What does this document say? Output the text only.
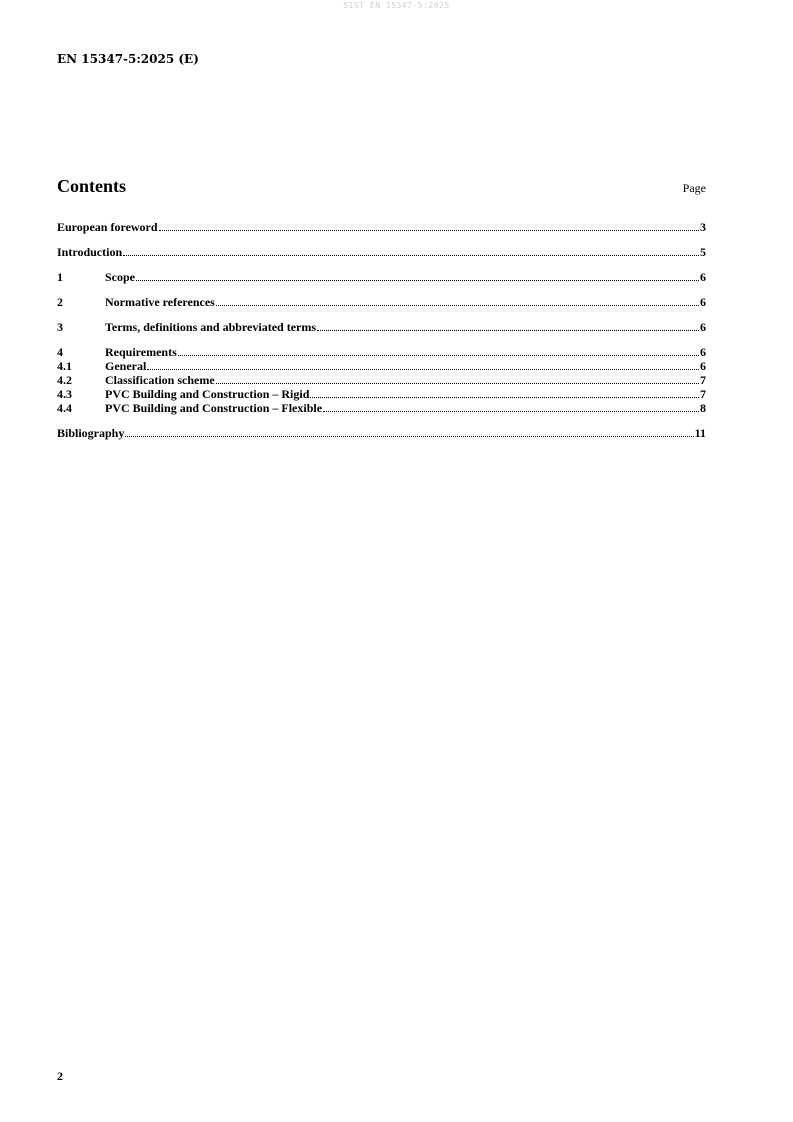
SIST EN 15347-5:2025
EN 15347-5:2025 (E)
Contents	Page
European foreword	3
Introduction	5
1	Scope	6
2	Normative references	6
3	Terms, definitions and abbreviated terms	6
4	Requirements	6
4.1	General	6
4.2	Classification scheme	7
4.3	PVC Building and Construction – Rigid	7
4.4	PVC Building and Construction – Flexible	8
Bibliography	11
2
